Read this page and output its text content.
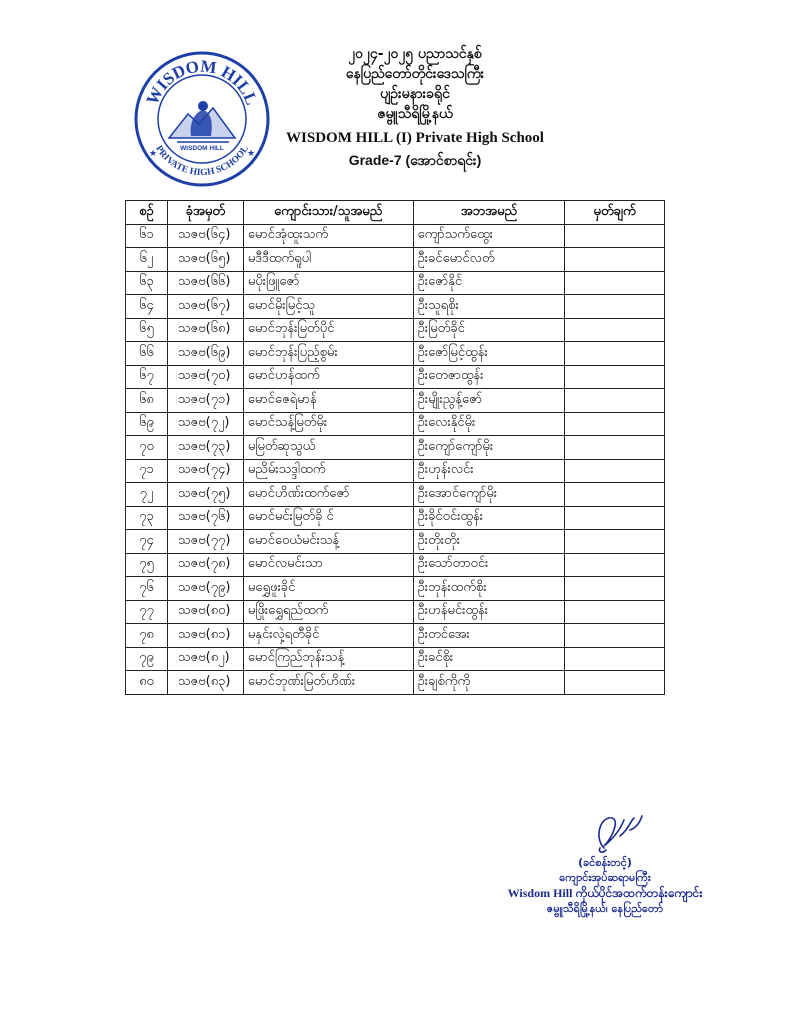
WISDOM HILL
PRIVATE HIGH SCHOOL
WISDOM HILL
★	★
၂၀၂၄-၂၀၂၅ ပညာသင်နှစ်
နေပြည်တော်တိုင်းဒေသကြီး
ပျဉ်းမနားခရိုင်
ဇမ္ဗူသီရိမြို့နယ်
WISDOM HILL (I) Private High School
Grade-7 (အောင်စာရင်း)
စဉ်	ခုံအမှတ်	ကျောင်းသား/သူအမည်	အဘအမည်	မှတ်ချက်
၆၁	သဇဗ(၆၄)	မောင်အုံထူးသက်	ကျော်သက်ထွေး	
၆၂	သဇဗ(၆၅)	မဒီဒီထက်ရူပါ	ဦးခင်မောင်လတ်	
၆၃	သဇဗ(၆၆)	မပိုးဖြူဇော်	ဦးဇော်နိုင်	
၆၄	သဇဗ(၆၇)	မောင်မိုးမြင့်သူ	ဦးသူရစိုး	
၆၅	သဇဗ(၆၈)	မောင်ဘုန်းမြတ်ပိုင်	ဦးမြတ်ခိုင်	
၆၆	သဇဗ(၆၉)	မောင်ဘုန်းပြည့်စွမ်း	ဦးဇော်မြင့်ထွန်း	
၆၇	သဇဗ(၇၀)	မောင်ဟန်ထက်	ဦးတေဇာထွန်း	
၆၈	သဇဗ(၇၁)	မောင်ဇေရဲမာန်	ဦးမျိုးညွန့်ဇော်	
၆၉	သဇဗ(၇၂)	မောင်သန့်မြတ်မိုး	ဦးလေးနိုင်မိုး	
၇၀	သဇဗ(၇၃)	မမြတ်ဆုသွယ်	ဦးကျော်ကျော်မိုး	
၇၁	သဇဗ(၇၄)	မညိမ်းသဒ္ဒါထက်	ဦးဟုန်းလင်း	
၇၂	သဇဗ(၇၅)	မောင်ဟိဏ်းထက်ဇော်	ဦးအောင်ကျော်မိုး	
၇၃	သဇဗ(၇၆)	မောင်မင်းမြတ်ခို င်	ဦးခိုင်ဝင်းထွန်း	
၇၄	သဇဗ(၇၇)	မောင်ဝေယံမင်းသန့်	ဦးတိုးတိုး	
၇၅	သဇဗ(၇၈)	မောင်လမင်းသာ	ဦးသော်တာဝင်း	
၇၆	သဇဗ(၇၉)	မရွှေဖူးခိုင်	ဦးဘုန်းထက်စိုး	
၇၇	သဇဗ(၈၀)	မဖြိုးရွှေရည်ထက်	ဦးဟန်မင်းထွန်း	
၇၈	သဇဗ(၈၁)	မနှင်းလှဲ့ရတီခိုင်	ဦးတင်အေး	
၇၉	သဇဗ(၈၂)	မောင်ကြည်ဘုန်းသန့်	ဦးခင်စိုး	
၈၀	သဇဗ(၈၃)	မောင်ဘုဏ်းမြတ်ဟိဏ်း	ဦးချစ်ကိုကို	
(ခင်စန်းတင့်)
ကျောင်းအုပ်ဆရာမကြီး
Wisdom Hill ကိုယ်ပိုင်အထက်တန်းကျောင်း
ဇမ္ဗူသီရိမြို့နယ်၊ နေပြည်တော်
